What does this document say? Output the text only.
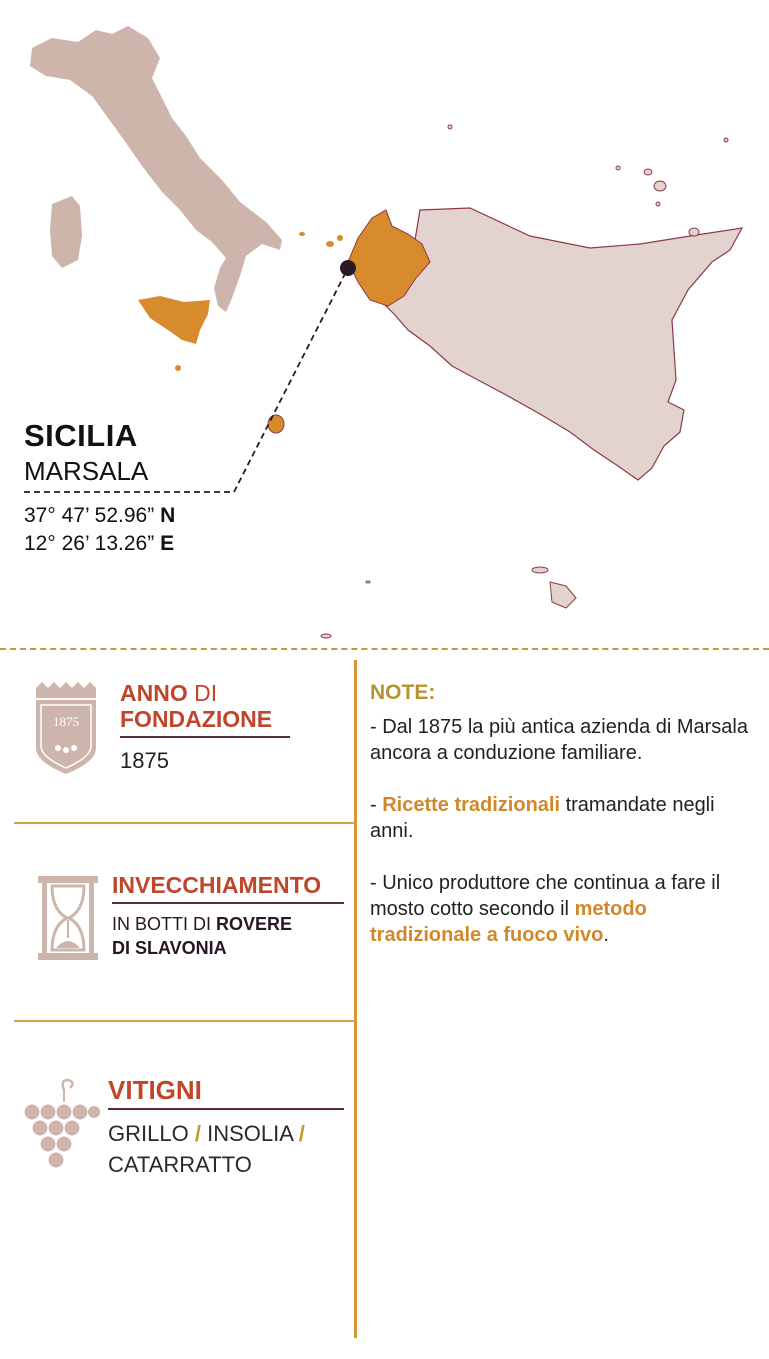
SICILIA
MARSALA
37° 47’ 52.96” N
12° 26’ 13.26” E
1875
ANNO DI
FONDAZIONE
1875
INVECCHIAMENTO
IN BOTTI DI ROVERE
DI SLAVONIA
VITIGNI
GRILLO / INSOLIA /
CATARRATTO
NOTE:

- Dal 1875 la più antica azienda di Marsala ancora a conduzione familiare.

- Ricette tradizionali tramandate negli anni.

- Unico produttore che continua a fare il mosto cotto secondo il metodo tradizionale a fuoco vivo.
